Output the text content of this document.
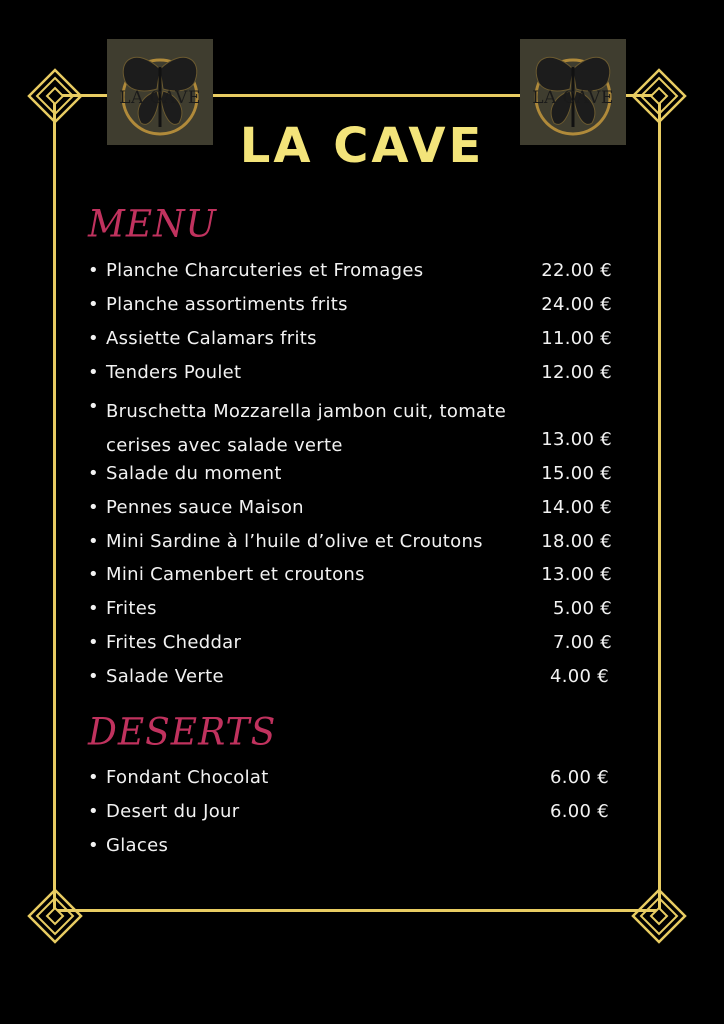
LA CAVE	LA CAVE
LA CAVE
MENU
• Planche Charcuteries et Fromages	22.00 €
• Planche assortiments frits	24.00 €
• Assiette Calamars frits	11.00 €
• Tenders Poulet	12.00 €
• Bruschetta Mozzarella jambon cuit, tomate cerises avec salade verte	13.00 €
• Salade du moment	15.00 €
• Pennes sauce Maison	14.00 €
• Mini Sardine à l’huile d’olive et Croutons	18.00 €
• Mini Camenbert et croutons	13.00 €
• Frites	5.00 €
• Frites Cheddar	7.00 €
• Salade Verte	4.00 €
DESERTS
• Fondant Chocolat	6.00 €
• Desert du Jour	6.00 €
• Glaces
